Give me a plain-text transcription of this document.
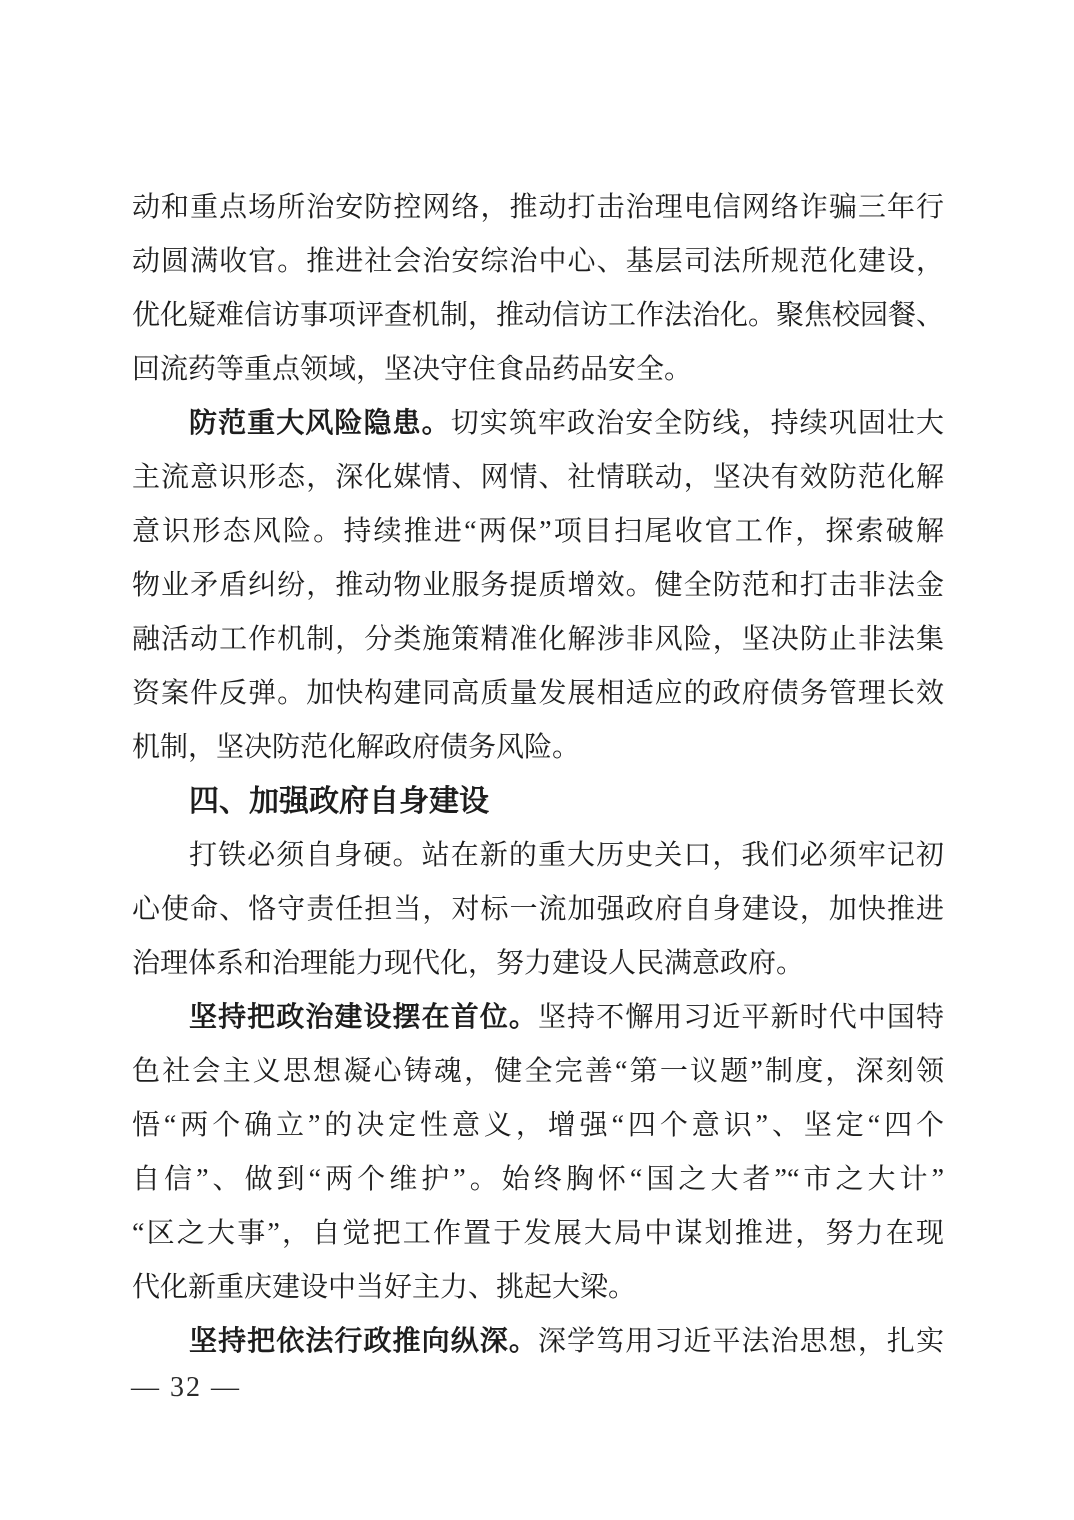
动和重点场所治安防控网络，推动打击治理电信网络诈骗三年行
动圆满收官。推进社会治安综治中心、基层司法所规范化建设，
优化疑难信访事项评查机制，推动信访工作法治化。聚焦校园餐、
回流药等重点领域，坚决守住食品药品安全。
防范重大风险隐患。切实筑牢政治安全防线，持续巩固壮大
主流意识形态，深化媒情、网情、社情联动，坚决有效防范化解
意识形态风险。持续推进“两保”项目扫尾收官工作，探索破解
物业矛盾纠纷，推动物业服务提质增效。健全防范和打击非法金
融活动工作机制，分类施策精准化解涉非风险，坚决防止非法集
资案件反弹。加快构建同高质量发展相适应的政府债务管理长效
机制，坚决防范化解政府债务风险。
四、加强政府自身建设
打铁必须自身硬。站在新的重大历史关口，我们必须牢记初
心使命、恪守责任担当，对标一流加强政府自身建设，加快推进
治理体系和治理能力现代化，努力建设人民满意政府。
坚持把政治建设摆在首位。坚持不懈用习近平新时代中国特
色社会主义思想凝心铸魂，健全完善“第一议题”制度，深刻领
悟“两个确立”的决定性意义，增强“四个意识”、坚定“四个
自信”、做到“两个维护”。始终胸怀“国之大者”“市之大计”
“区之大事”，自觉把工作置于发展大局中谋划推进，努力在现
代化新重庆建设中当好主力、挑起大梁。
坚持把依法行政推向纵深。深学笃用习近平法治思想，扎实
— 32 —
